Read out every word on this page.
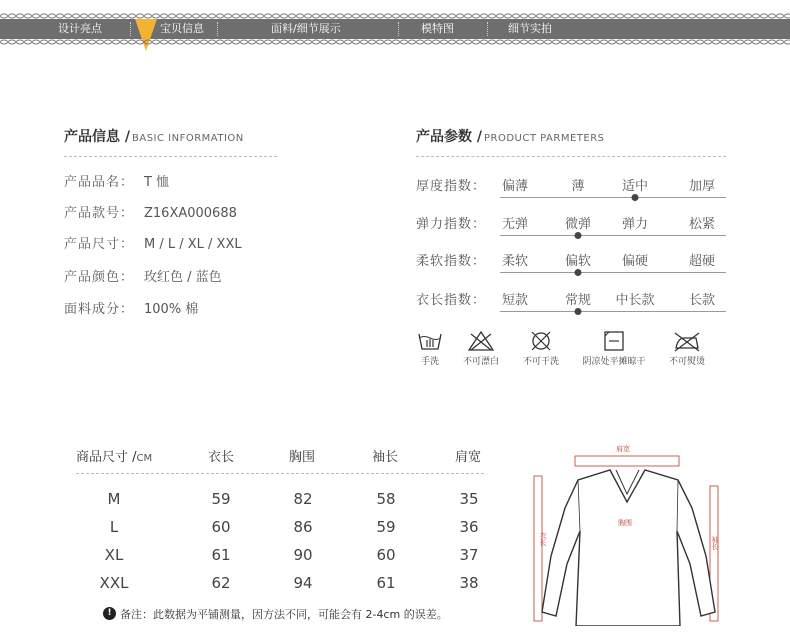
设计亮点	宝贝信息	面料/细节展示	模特图	细节实拍
产品信息 / BASIC INFORMATION
产品品名： T 恤
产品款号： Z16XA000688
产品尺寸： M / L / XL / XXL
产品颜色： 玫红色 / 蓝色
面料成分： 100% 棉
产品参数 / PRODUCT PARMETERS
厚度指数： 偏薄	薄	适中	加厚
弹力指数： 无弹	微弹 弹力	松紧
柔软指数： 柔软	偏软 偏硬	超硬
衣长指数： 短款	常规 中长款	长款
手洗	不可漂白	不可干洗	阴凉处平摊晾干	不可熨烫
商品尺寸 /CM	衣长	胸围	袖长	肩宽
M	59	82	58	35
L	60	86	59	36
XL	61	90	60	37
XXL	62	94	61	38
! 备注：此数据为平铺测量，因方法不同，可能会有 2-4cm 的误差。
肩宽
胸围
衣长	袖长
